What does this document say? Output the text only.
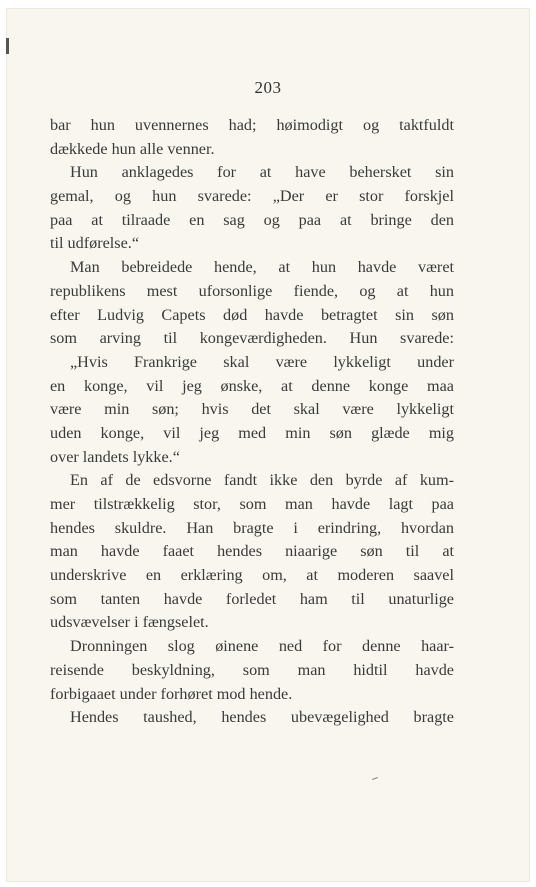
203
bar hun uvennernes had; høimodigt og taktfuldt
dækkede hun alle venner.
Hun anklagedes for at have behersket sin
gemal, og hun svarede: „Der er stor forskjel
paa at tilraade en sag og paa at bringe den
til udførelse.“
Man bebreidede hende, at hun havde været
republikens mest uforsonlige fiende, og at hun
efter Ludvig Capets død havde betragtet sin søn
som arving til kongeværdigheden. Hun svarede:
„Hvis Frankrige skal være lykkeligt under
en konge, vil jeg ønske, at denne konge maa
være min søn; hvis det skal være lykkeligt
uden konge, vil jeg med min søn glæde mig
over landets lykke.“
En af de edsvorne fandt ikke den byrde af kum-
mer tilstrækkelig stor, som man havde lagt paa
hendes skuldre. Han bragte i erindring, hvordan
man havde faaet hendes niaarige søn til at
underskrive en erklæring om, at moderen saavel
som tanten havde forledet ham til unaturlige
udsvævelser i fængselet.
Dronningen slog øinene ned for denne haar-
reisende beskyldning, som man hidtil havde
forbigaaet under forhøret mod hende.
Hendes taushed, hendes ubevægelighed bragte
